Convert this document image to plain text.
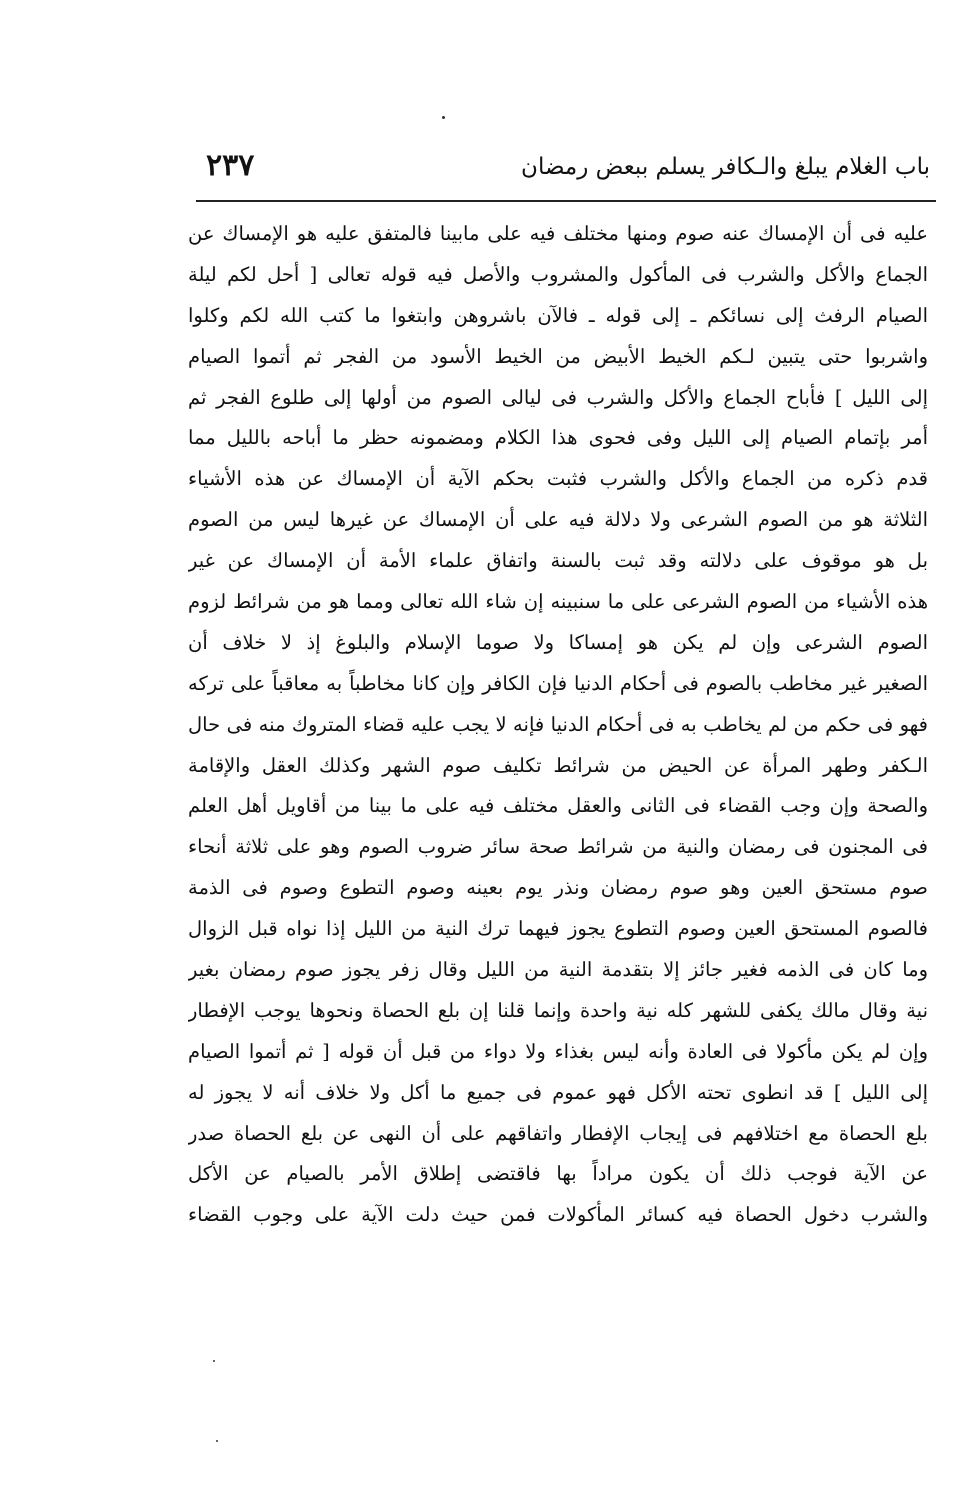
باب الغلام يبلغ والـكافر يسلم ببعض رمضان
٢٣٧
عليه فى أن الإمساك عنه صوم ومنها مختلف فيه على مابينا فالمتفق عليه هو الإمساك عن
الجماع والأكل والشرب فى المأكول والمشروب والأصل فيه قوله تعالى [ أحل لكم ليلة
الصيام الرفث إلى نسائكم ـ إلى قوله ـ فالآن باشروهن وابتغوا ما كتب الله لكم وكلوا
واشربوا حتى يتبين لـكم الخيط الأبيض من الخيط الأسود من الفجر ثم أتموا الصيام
إلى الليل ] فأباح الجماع والأكل والشرب فى ليالى الصوم من أولها إلى طلوع الفجر ثم
أمر بإتمام الصيام إلى الليل وفى فحوى هذا الكلام ومضمونه حظر ما أباحه بالليل مما
قدم ذكره من الجماع والأكل والشرب فثبت بحكم الآية أن الإمساك عن هذه الأشياء
الثلاثة هو من الصوم الشرعى ولا دلالة فيه على أن الإمساك عن غيرها ليس من الصوم
بل هو موقوف على دلالته وقد ثبت بالسنة واتفاق علماء الأمة أن الإمساك عن غير
هذه الأشياء من الصوم الشرعى على ما سنبينه إن شاء الله تعالى ومما هو من شرائط لزوم
الصوم الشرعى وإن لم يكن هو إمساكا ولا صوما الإسلام والبلوغ إذ لا خلاف أن
الصغير غير مخاطب بالصوم فى أحكام الدنيا فإن الكافر وإن كانا مخاطباً به معاقباً على تركه
فهو فى حكم من لم يخاطب به فى أحكام الدنيا فإنه لا يجب عليه قضاء المتروك منه فى حال
الـكفر وطهر المرأة عن الحيض من شرائط تكليف صوم الشهر وكذلك العقل والإقامة
والصحة وإن وجب القضاء فى الثانى والعقل مختلف فيه على ما بينا من أقاويل أهل العلم
فى المجنون فى رمضان والنية من شرائط صحة سائر ضروب الصوم وهو على ثلاثة أنحاء
صوم مستحق العين وهو صوم رمضان ونذر يوم بعينه وصوم التطوع وصوم فى الذمة
فالصوم المستحق العين وصوم التطوع يجوز فيهما ترك النية من الليل إذا نواه قبل الزوال
وما كان فى الذمه فغير جائز إلا بتقدمة النية من الليل وقال زفر يجوز صوم رمضان بغير
نية وقال مالك يكفى للشهر كله نية واحدة وإنما قلنا إن بلع الحصاة ونحوها يوجب الإفطار
وإن لم يكن مأكولا فى العادة وأنه ليس بغذاء ولا دواء من قبل أن قوله [ ثم أتموا الصيام
إلى الليل ] قد انطوى تحته الأكل فهو عموم فى جميع ما أكل ولا خلاف أنه لا يجوز له
بلع الحصاة مع اختلافهم فى إيجاب الإفطار واتفاقهم على أن النهى عن بلع الحصاة صدر
عن الآية فوجب ذلك أن يكون مراداً بها فاقتضى إطلاق الأمر بالصيام عن الأكل
والشرب دخول الحصاة فيه كسائر المأكولات فمن حيث دلت الآية على وجوب القضاء
